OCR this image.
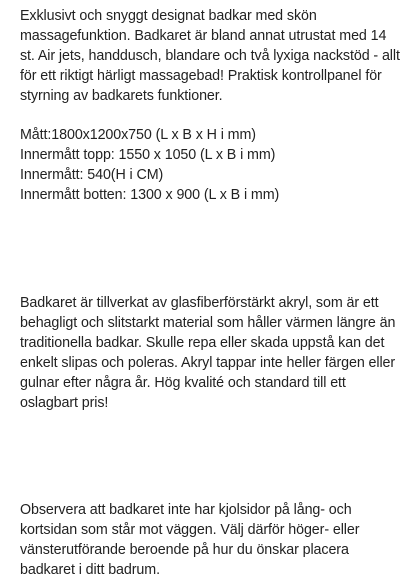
Exklusivt och snyggt designat badkar med skön
massagefunktion. Badkaret är bland annat utrustat med 14
st. Air jets, handdusch, blandare och två lyxiga nackstöd - allt
för ett riktigt härligt massagebad! Praktisk kontrollpanel för
styrning av badkarets funktioner.

Mått:1800x1200x750 (L x B x H i mm)
Innermått topp: 1550 x 1050 (L x B i mm)
Innermått: 540(H i CM)
Innermått botten: 1300 x 900 (L x B i mm)

Badkaret är tillverkat av glasfiberförstärkt akryl, som är ett
behagligt och slitstarkt material som håller värmen längre än
traditionella badkar. Skulle repa eller skada uppstå kan det
enkelt slipas och poleras. Akryl tappar inte heller färgen eller
gulnar efter några år. Hög kvalité och standard till ett
oslagbart pris!

Observera att badkaret inte har kjolsidor på lång- och
kortsidan som står mot väggen. Välj därför höger- eller
vänsterutförande beroende på hur du önskar placera
badkaret i ditt badrum.
